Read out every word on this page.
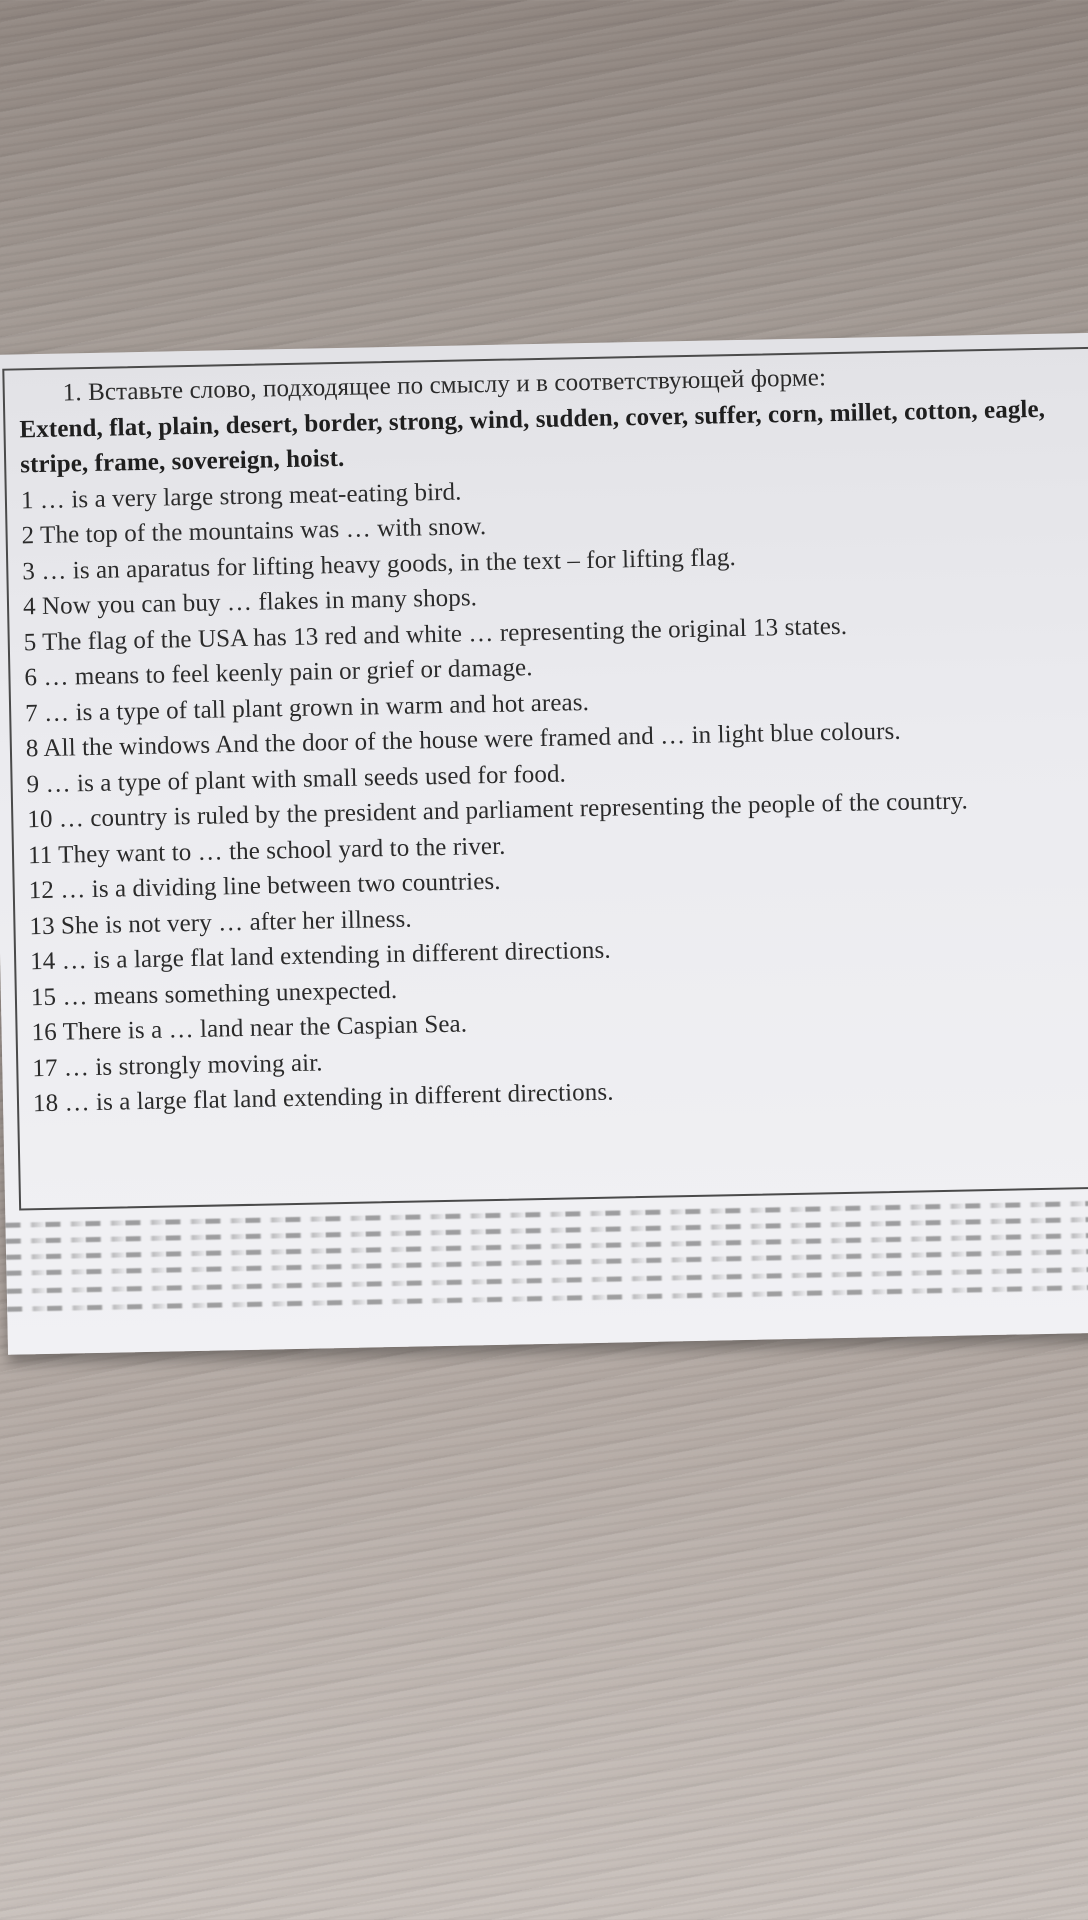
1. Вставьте слово, подходящее по смыслу и в соответствующей форме:

Extend, flat, plain, desert, border, strong, wind, sudden, cover, suffer, corn, millet, cotton, eagle, stripe, frame, sovereign, hoist.

1 … is a very large strong meat-eating bird.

2 The top of the mountains was … with snow.

3 … is an aparatus for lifting heavy goods, in the text – for lifting flag.

4 Now you can buy … flakes in many shops.

5 The flag of the USA has 13 red and white … representing the original 13 states.

6 … means to feel keenly pain or grief or damage.

7 … is a type of tall plant grown in warm and hot areas.

8 All the windows And the door of the house were framed and … in light blue colours.

9 … is a type of plant with small seeds used for food.

10 … country is ruled by the president and parliament representing the people of the country.

11 They want to … the school yard to the river.

12 … is a dividing line between two countries.

13 She is not very … after her illness.

14 … is a large flat land extending in different directions.

15 … means something unexpected.

16 There is a … land near the Caspian Sea.

17 … is strongly moving air.

18 … is a large flat land extending in different directions.
